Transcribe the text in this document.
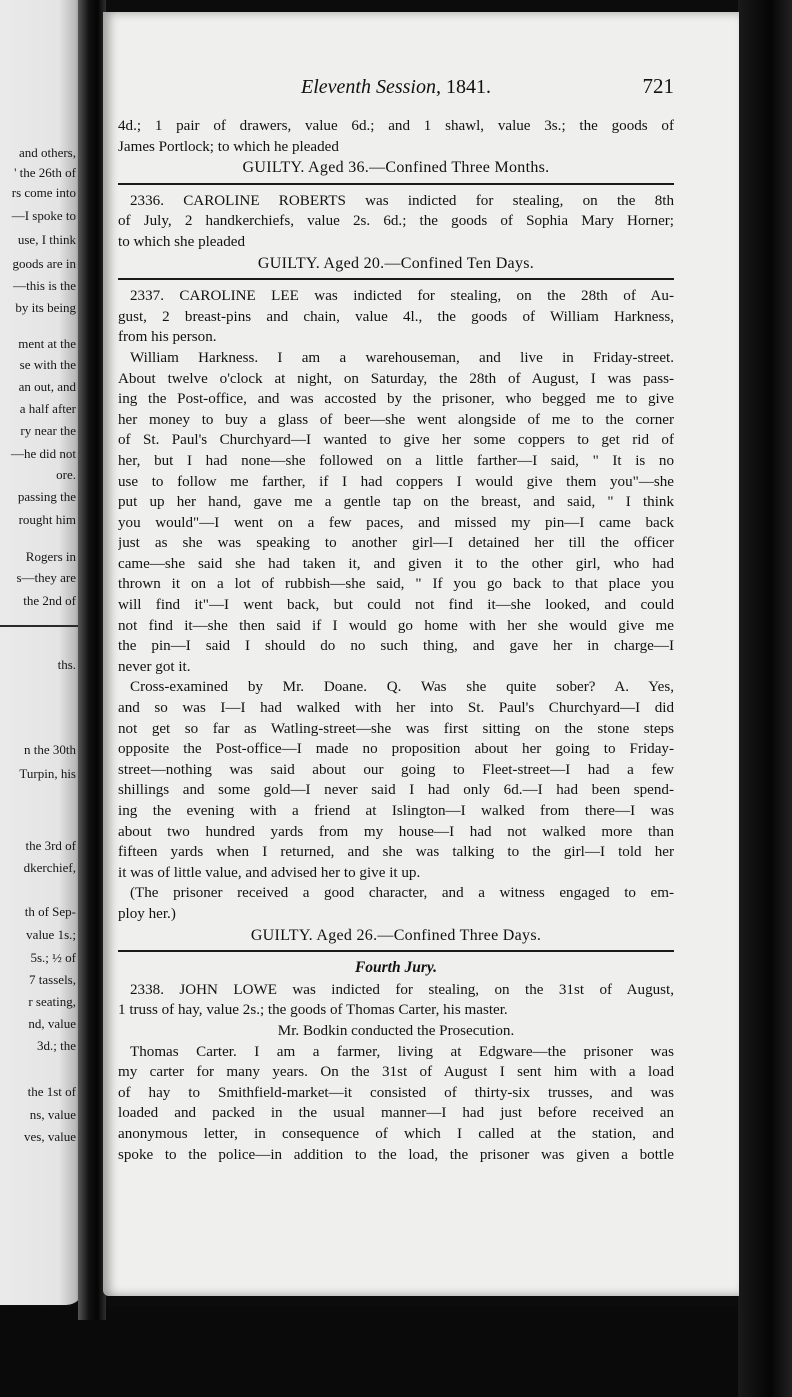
and others,
' the 26th of
rs come into
—I spoke to
use, I think
goods are in
—this is the
by its being
ment at the
se with the
an out, and
a half after
ry near the
—he did not
ore.
passing the
rought him
Rogers in
s—they are
the 2nd of
ths.
n the 30th
Turpin, his
the 3rd of
dkerchief,
th of Sep-
value 1s.;
5s.; ½ of
7 tassels,
r seating,
nd, value
3d.; the
the 1st of
ns, value
ves, value
Eleventh Session, 1841.	721
4d.; 1 pair of drawers, value 6d.; and 1 shawl, value 3s.; the goods of
James Portlock; to which he pleaded
GUILTY. Aged 36.—Confined Three Months.
2336. CAROLINE ROBERTS was indicted for stealing, on the 8th
of July, 2 handkerchiefs, value 2s. 6d.; the goods of Sophia Mary Horner;
to which she pleaded
GUILTY. Aged 20.—Confined Ten Days.
2337. CAROLINE LEE was indicted for stealing, on the 28th of Au-
gust, 2 breast-pins and chain, value 4l., the goods of William Harkness,
from his person.
William Harkness. I am a warehouseman, and live in Friday-street.
About twelve o'clock at night, on Saturday, the 28th of August, I was pass-
ing the Post-office, and was accosted by the prisoner, who begged me to give
her money to buy a glass of beer—she went alongside of me to the corner
of St. Paul's Churchyard—I wanted to give her some coppers to get rid of
her, but I had none—she followed on a little farther—I said, " It is no
use to follow me farther, if I had coppers I would give them you"—she
put up her hand, gave me a gentle tap on the breast, and said, " I think
you would"—I went on a few paces, and missed my pin—I came back
just as she was speaking to another girl—I detained her till the officer
came—she said she had taken it, and given it to the other girl, who had
thrown it on a lot of rubbish—she said, " If you go back to that place you
will find it"—I went back, but could not find it—she looked, and could
not find it—she then said if I would go home with her she would give me
the pin—I said I should do no such thing, and gave her in charge—I
never got it.
Cross-examined by Mr. Doane. Q. Was she quite sober? A. Yes,
and so was I—I had walked with her into St. Paul's Churchyard—I did
not get so far as Watling-street—she was first sitting on the stone steps
opposite the Post-office—I made no proposition about her going to Friday-
street—nothing was said about our going to Fleet-street—I had a few
shillings and some gold—I never said I had only 6d.—I had been spend-
ing the evening with a friend at Islington—I walked from there—I was
about two hundred yards from my house—I had not walked more than
fifteen yards when I returned, and she was talking to the girl—I told her
it was of little value, and advised her to give it up.
(The prisoner received a good character, and a witness engaged to em-
ploy her.)
GUILTY. Aged 26.—Confined Three Days.
Fourth Jury.
2338. JOHN LOWE was indicted for stealing, on the 31st of August,
1 truss of hay, value 2s.; the goods of Thomas Carter, his master.
Mr. Bodkin conducted the Prosecution.
Thomas Carter. I am a farmer, living at Edgware—the prisoner was
my carter for many years. On the 31st of August I sent him with a load
of hay to Smithfield-market—it consisted of thirty-six trusses, and was
loaded and packed in the usual manner—I had just before received an
anonymous letter, in consequence of which I called at the station, and
spoke to the police—in addition to the load, the prisoner was given a bottle
